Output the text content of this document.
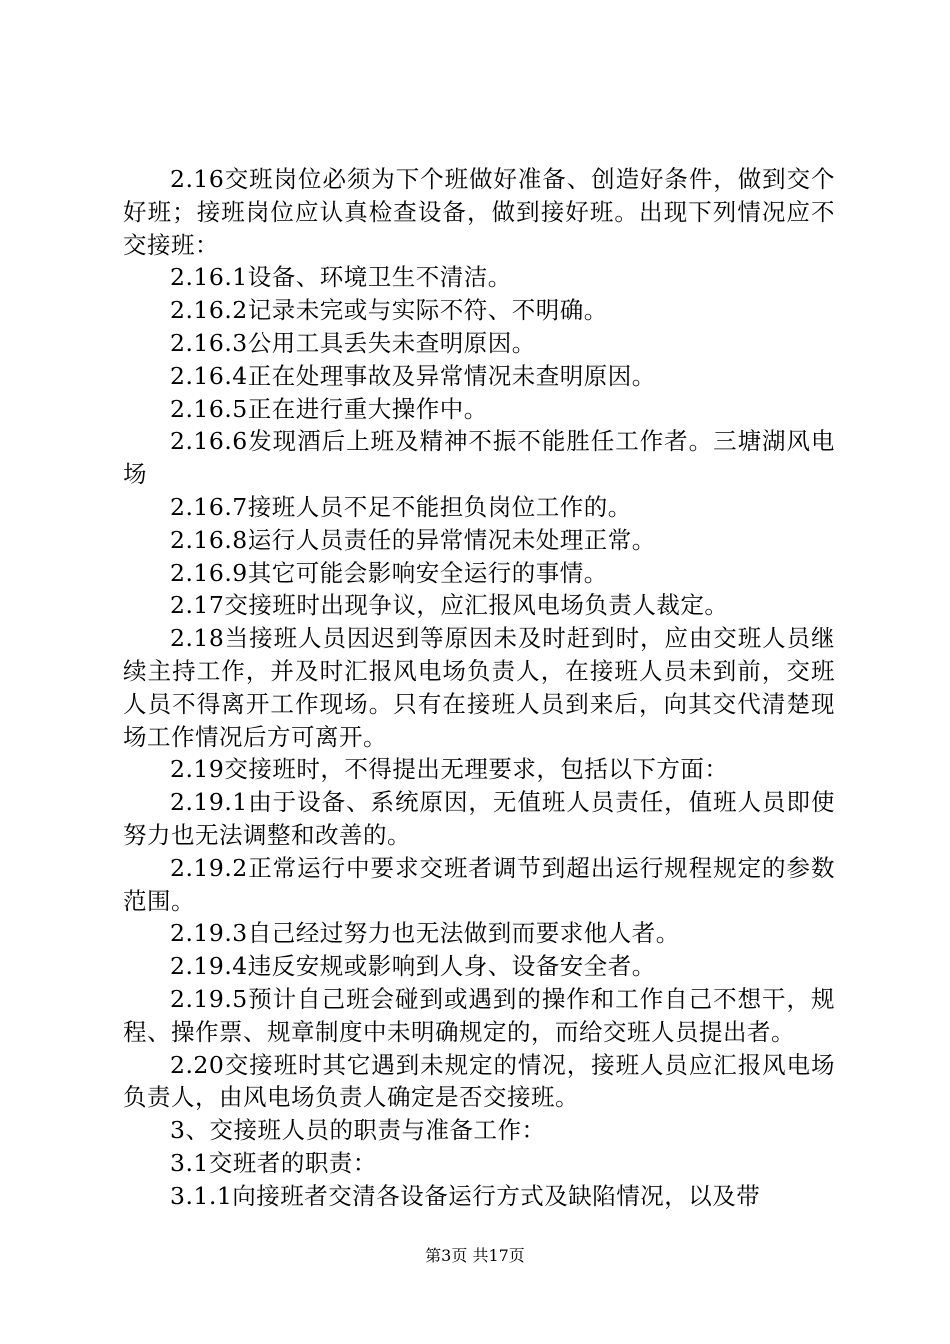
2.16交班岗位必须为下个班做好准备、创造好条件，做到交个好班；接班岗位应认真检查设备，做到接好班。出现下列情况应不交接班：

2.16.1设备、环境卫生不清洁。

2.16.2记录未完或与实际不符、不明确。

2.16.3公用工具丢失未查明原因。

2.16.4正在处理事故及异常情况未查明原因。

2.16.5正在进行重大操作中。

2.16.6发现酒后上班及精神不振不能胜任工作者。三塘湖风电场

2.16.7接班人员不足不能担负岗位工作的。

2.16.8运行人员责任的异常情况未处理正常。

2.16.9其它可能会影响安全运行的事情。

2.17交接班时出现争议，应汇报风电场负责人裁定。

2.18当接班人员因迟到等原因未及时赶到时，应由交班人员继续主持工作，并及时汇报风电场负责人，在接班人员未到前，交班人员不得离开工作现场。只有在接班人员到来后，向其交代清楚现场工作情况后方可离开。

2.19交接班时，不得提出无理要求，包括以下方面：

2.19.1由于设备、系统原因，无值班人员责任，值班人员即使努力也无法调整和改善的。

2.19.2正常运行中要求交班者调节到超出运行规程规定的参数范围。

2.19.3自己经过努力也无法做到而要求他人者。

2.19.4违反安规或影响到人身、设备安全者。

2.19.5预计自己班会碰到或遇到的操作和工作自己不想干，规程、操作票、规章制度中未明确规定的，而给交班人员提出者。

2.20交接班时其它遇到未规定的情况，接班人员应汇报风电场负责人，由风电场负责人确定是否交接班。

3、交接班人员的职责与准备工作：

3.1交班者的职责：

3.1.1向接班者交清各设备运行方式及缺陷情况，以及带

第3页 共17页
